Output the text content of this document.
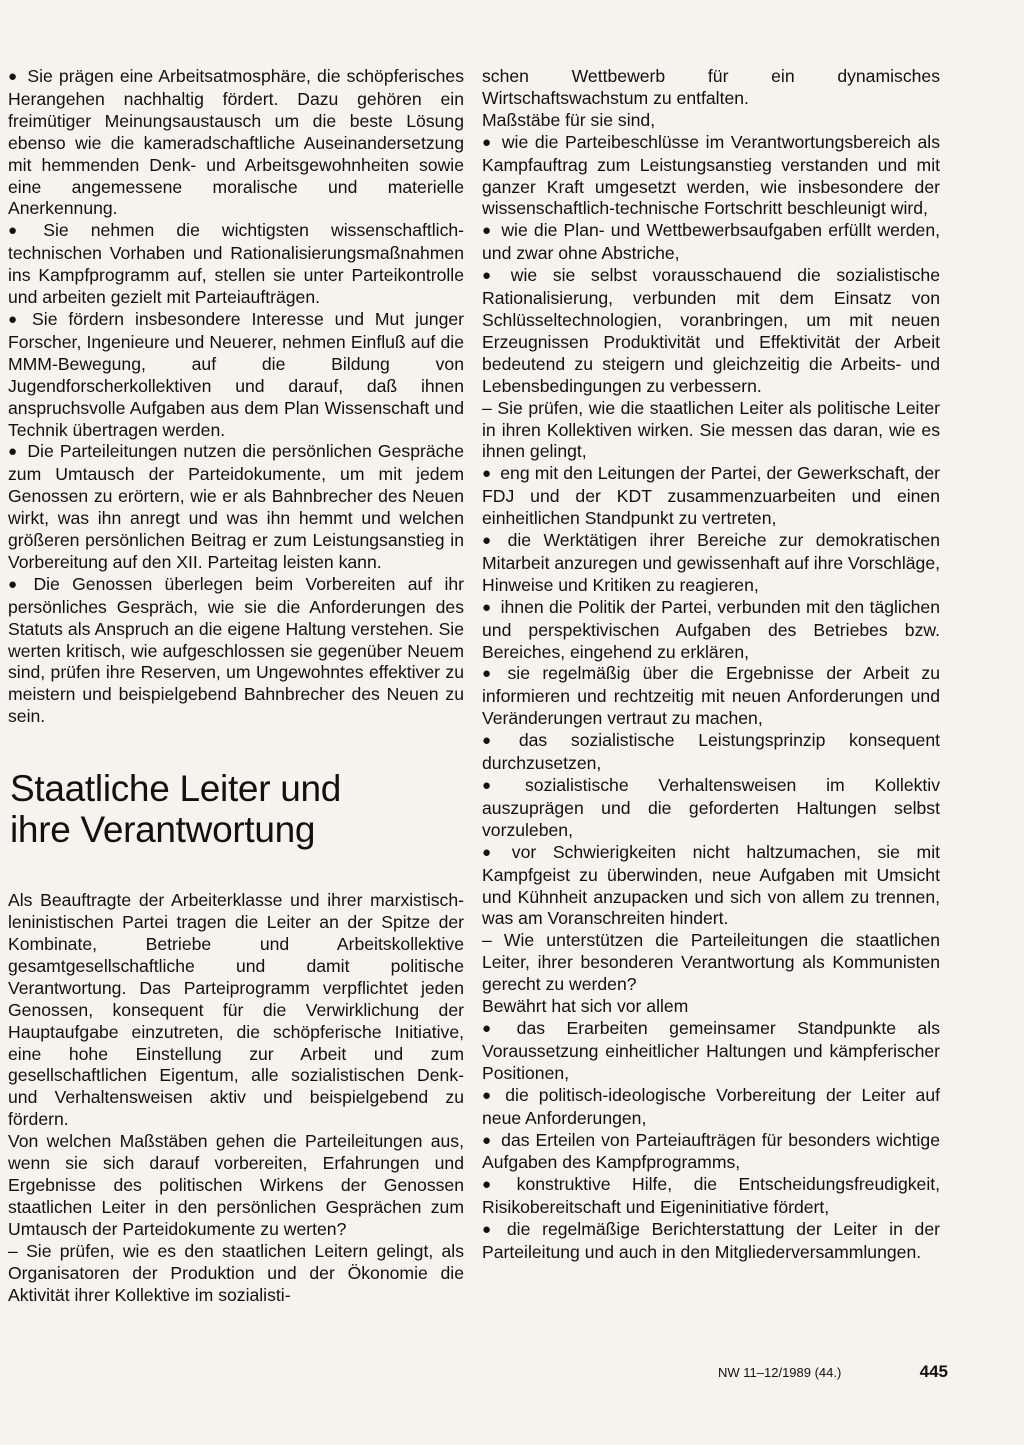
● Sie prägen eine Arbeitsatmosphäre, die schöpferisches Herangehen nachhaltig fördert. Dazu gehören ein freimütiger Meinungsaustausch um die beste Lösung ebenso wie die kameradschaftliche Auseinandersetzung mit hemmenden Denk- und Arbeitsgewohnheiten sowie eine angemessene moralische und materielle Anerkennung.

● Sie nehmen die wichtigsten wissenschaftlich-technischen Vorhaben und Rationalisierungsmaßnahmen ins Kampfprogramm auf, stellen sie unter Parteikontrolle und arbeiten gezielt mit Parteiaufträgen.

● Sie fördern insbesondere Interesse und Mut junger Forscher, Ingenieure und Neuerer, nehmen Einfluß auf die MMM-Bewegung, auf die Bildung von Jugendforscherkollektiven und darauf, daß ihnen anspruchsvolle Aufgaben aus dem Plan Wissenschaft und Technik übertragen werden.

● Die Parteileitungen nutzen die persönlichen Gespräche zum Umtausch der Parteidokumente, um mit jedem Genossen zu erörtern, wie er als Bahnbrecher des Neuen wirkt, was ihn anregt und was ihn hemmt und welchen größeren persönlichen Beitrag er zum Leistungsanstieg in Vorbereitung auf den XII. Parteitag leisten kann.

● Die Genossen überlegen beim Vorbereiten auf ihr persönliches Gespräch, wie sie die Anforderungen des Statuts als Anspruch an die eigene Haltung verstehen. Sie werten kritisch, wie aufgeschlossen sie gegenüber Neuem sind, prüfen ihre Reserven, um Ungewohntes effektiver zu meistern und beispielgebend Bahnbrecher des Neuen zu sein.

Staatliche Leiter und
ihre Verantwortung

Als Beauftragte der Arbeiterklasse und ihrer marxistisch-leninistischen Partei tragen die Leiter an der Spitze der Kombinate, Betriebe und Arbeitskollektive gesamtgesellschaftliche und damit politische Verantwortung. Das Parteiprogramm verpflichtet jeden Genossen, konsequent für die Verwirklichung der Hauptaufgabe einzutreten, die schöpferische Initiative, eine hohe Einstellung zur Arbeit und zum gesellschaftlichen Eigentum, alle sozialistischen Denk- und Verhaltensweisen aktiv und beispielgebend zu fördern.

Von welchen Maßstäben gehen die Parteileitungen aus, wenn sie sich darauf vorbereiten, Erfahrungen und Ergebnisse des politischen Wirkens der Genossen staatlichen Leiter in den persönlichen Gesprächen zum Umtausch der Parteidokumente zu werten?

– Sie prüfen, wie es den staatlichen Leitern gelingt, als Organisatoren der Produktion und der Ökonomie die Aktivität ihrer Kollektive im sozialisti-

schen Wettbewerb für ein dynamisches Wirtschaftswachstum zu entfalten.

Maßstäbe für sie sind,

● wie die Parteibeschlüsse im Verantwortungsbereich als Kampfauftrag zum Leistungsanstieg verstanden und mit ganzer Kraft umgesetzt werden, wie insbesondere der wissenschaftlich-technische Fortschritt beschleunigt wird,

● wie die Plan- und Wettbewerbsaufgaben erfüllt werden, und zwar ohne Abstriche,

● wie sie selbst vorausschauend die sozialistische Rationalisierung, verbunden mit dem Einsatz von Schlüsseltechnologien, voranbringen, um mit neuen Erzeugnissen Produktivität und Effektivität der Arbeit bedeutend zu steigern und gleichzeitig die Arbeits- und Lebensbedingungen zu verbessern.

– Sie prüfen, wie die staatlichen Leiter als politische Leiter in ihren Kollektiven wirken. Sie messen das daran, wie es ihnen gelingt,

● eng mit den Leitungen der Partei, der Gewerkschaft, der FDJ und der KDT zusammenzuarbeiten und einen einheitlichen Standpunkt zu vertreten,

● die Werktätigen ihrer Bereiche zur demokratischen Mitarbeit anzuregen und gewissenhaft auf ihre Vorschläge, Hinweise und Kritiken zu reagieren,

● ihnen die Politik der Partei, verbunden mit den täglichen und perspektivischen Aufgaben des Betriebes bzw. Bereiches, eingehend zu erklären,

● sie regelmäßig über die Ergebnisse der Arbeit zu informieren und rechtzeitig mit neuen Anforderungen und Veränderungen vertraut zu machen,

● das sozialistische Leistungsprinzip konsequent durchzusetzen,

● sozialistische Verhaltensweisen im Kollektiv auszuprägen und die geforderten Haltungen selbst vorzuleben,

● vor Schwierigkeiten nicht haltzumachen, sie mit Kampfgeist zu überwinden, neue Aufgaben mit Umsicht und Kühnheit anzupacken und sich von allem zu trennen, was am Voranschreiten hindert.

– Wie unterstützen die Parteileitungen die staatlichen Leiter, ihrer besonderen Verantwortung als Kommunisten gerecht zu werden?

Bewährt hat sich vor allem

● das Erarbeiten gemeinsamer Standpunkte als Voraussetzung einheitlicher Haltungen und kämpferischer Positionen,

● die politisch-ideologische Vorbereitung der Leiter auf neue Anforderungen,

● das Erteilen von Parteiaufträgen für besonders wichtige Aufgaben des Kampfprogramms,

● konstruktive Hilfe, die Entscheidungsfreudigkeit, Risikobereitschaft und Eigeninitiative fördert,

● die regelmäßige Berichterstattung der Leiter in der Parteileitung und auch in den Mitgliederversammlungen.

NW 11–12/1989 (44.)	445
